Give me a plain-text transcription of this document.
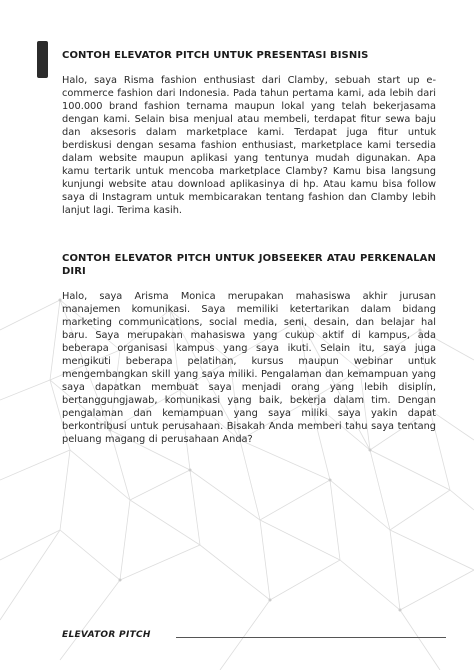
CONTOH ELEVATOR PITCH UNTUK PRESENTASI BISNIS

Halo, saya Risma fashion enthusiast dari Clamby, sebuah start up e-commerce fashion dari Indonesia. Pada tahun pertama kami, ada lebih dari 100.000 brand fashion ternama maupun lokal yang telah bekerjasama dengan kami. Selain bisa menjual atau membeli, terdapat fitur sewa baju dan aksesoris dalam marketplace kami. Terdapat juga fitur untuk berdiskusi dengan sesama fashion enthusiast, marketplace kami tersedia dalam website maupun aplikasi yang tentunya mudah digunakan. Apa kamu tertarik untuk mencoba marketplace Clamby? Kamu bisa langsung kunjungi website atau download aplikasinya di hp. Atau kamu bisa follow saya di Instagram untuk membicarakan tentang fashion dan Clamby lebih lanjut lagi. Terima kasih.

CONTOH ELEVATOR PITCH UNTUK JOBSEEKER ATAU PERKENALAN DIRI

Halo, saya Arisma Monica merupakan mahasiswa akhir jurusan manajemen komunikasi. Saya memiliki ketertarikan dalam bidang marketing communications, social media, seni, desain, dan belajar hal baru. Saya merupakan mahasiswa yang cukup aktif di kampus, ada beberapa organisasi kampus yang saya ikuti. Selain itu, saya juga mengikuti beberapa pelatihan, kursus maupun webinar untuk mengembangkan skill yang saya miliki. Pengalaman dan kemampuan yang saya dapatkan membuat saya menjadi orang yang lebih disiplin, bertanggungjawab, komunikasi yang baik, bekerja dalam tim. Dengan pengalaman dan kemampuan yang saya miliki saya yakin dapat berkontribusi untuk perusahaan. Bisakah Anda memberi tahu saya tentang peluang magang di perusahaan Anda?

ELEVATOR PITCH
